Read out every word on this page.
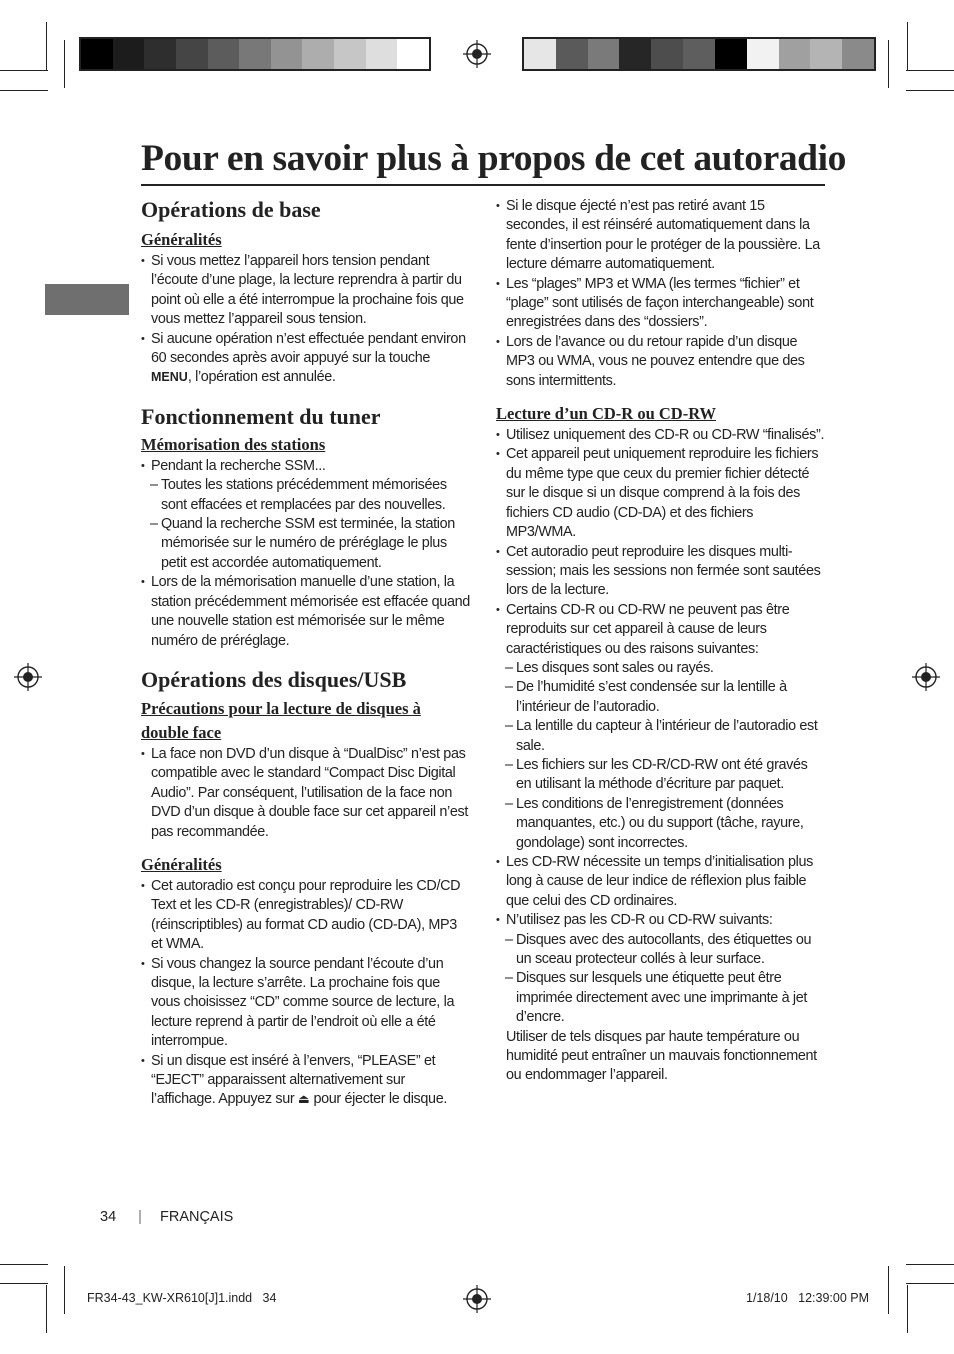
Pour en savoir plus à propos de cet autoradio
Opérations de base
Généralités
• Si vous mettez l’appareil hors tension pendant l’écoute d’une plage, la lecture reprendra à partir du point où elle a été interrompue la prochaine fois que vous mettez l’appareil sous tension.
• Si aucune opération n’est effectuée pendant environ 60 secondes après avoir appuyé sur la touche MENU, l’opération est annulée.
Fonctionnement du tuner
Mémorisation des stations
• Pendant la recherche SSM...
– Toutes les stations précédemment mémorisées sont effacées et remplacées par des nouvelles.
– Quand la recherche SSM est terminée, la station mémorisée sur le numéro de préréglage le plus petit est accordée automatiquement.
• Lors de la mémorisation manuelle d’une station, la station précédemment mémorisée est effacée quand une nouvelle station est mémorisée sur le même numéro de préréglage.
Opérations des disques/USB
Précautions pour la lecture de disques à double face
• La face non DVD d’un disque à “DualDisc” n’est pas compatible avec le standard “Compact Disc Digital Audio”. Par conséquent, l’utilisation de la face non DVD d’un disque à double face sur cet appareil n’est pas recommandée.
Généralités
• Cet autoradio est conçu pour reproduire les CD/CD Text et les CD-R (enregistrables)/ CD-RW (réinscriptibles) au format CD audio (CD-DA), MP3 et WMA.
• Si vous changez la source pendant l’écoute d’un disque, la lecture s’arrête. La prochaine fois que vous choisissez “CD” comme source de lecture, la lecture reprend à partir de l’endroit où elle a été interrompue.
• Si un disque est inséré à l’envers, “PLEASE” et “EJECT” apparaissent alternativement sur l’affichage. Appuyez sur ⏏ pour éjecter le disque.
• Si le disque éjecté n’est pas retiré avant 15 secondes, il est réinséré automatiquement dans la fente d’insertion pour le protéger de la poussière. La lecture démarre automatiquement.
• Les “plages” MP3 et WMA (les termes “fichier” et “plage” sont utilisés de façon interchangeable) sont enregistrées dans des “dossiers”.
• Lors de l’avance ou du retour rapide d’un disque MP3 ou WMA, vous ne pouvez entendre que des sons intermittents.
Lecture d’un CD-R ou CD-RW
• Utilisez uniquement des CD-R ou CD-RW “finalisés”.
• Cet appareil peut uniquement reproduire les fichiers du même type que ceux du premier fichier détecté sur le disque si un disque comprend à la fois des fichiers CD audio (CD-DA) et des fichiers MP3/WMA.
• Cet autoradio peut reproduire les disques multi-session; mais les sessions non fermée sont sautées lors de la lecture.
• Certains CD-R ou CD-RW ne peuvent pas être reproduits sur cet appareil à cause de leurs caractéristiques ou des raisons suivantes:
– Les disques sont sales ou rayés.
– De l’humidité s’est condensée sur la lentille à l’intérieur de l’autoradio.
– La lentille du capteur à l’intérieur de l’autoradio est sale.
– Les fichiers sur les CD-R/CD-RW ont été gravés en utilisant la méthode d’écriture par paquet.
– Les conditions de l’enregistrement (données manquantes, etc.) ou du support (tâche, rayure, gondolage) sont incorrectes.
• Les CD-RW nécessite un temps d’initialisation plus long à cause de leur indice de réflexion plus faible que celui des CD ordinaires.
• N’utilisez pas les CD-R ou CD-RW suivants:
– Disques avec des autocollants, des étiquettes ou un sceau protecteur collés à leur surface.
– Disques sur lesquels une étiquette peut être imprimée directement avec une imprimante à jet d’encre.
Utiliser de tels disques par haute température ou humidité peut entraîner un mauvais fonctionnement ou endommager l’appareil.
34 | FRANÇAIS
FR34-43_KW-XR610[J]1.indd   34	1/18/10   12:39:00 PM
